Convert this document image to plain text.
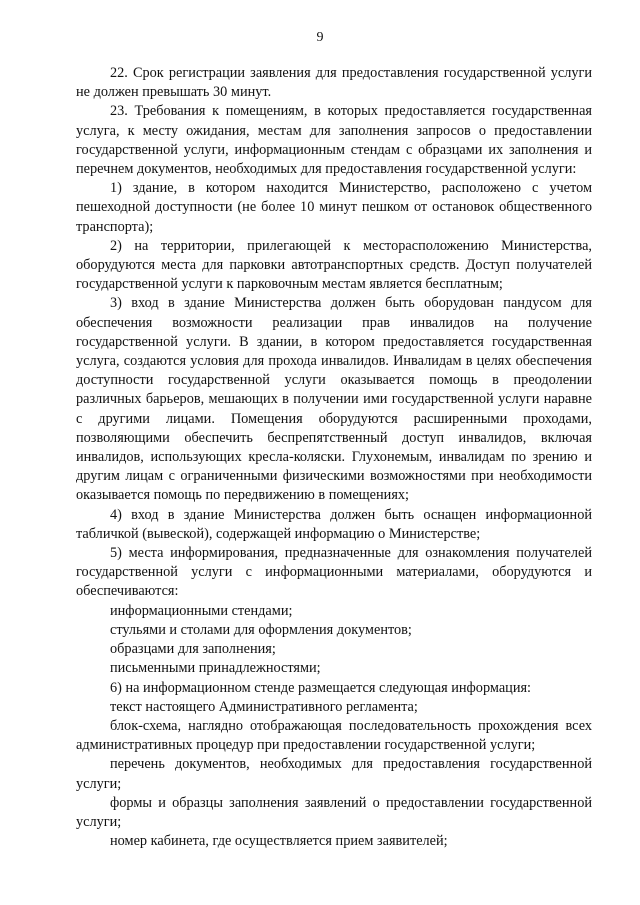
9

22. Срок регистрации заявления для предоставления государственной услуги не должен превышать 30 минут.

23. Требования к помещениям, в которых предоставляется государственная услуга, к месту ожидания, местам для заполнения запросов о предоставлении государственной услуги, информационным стендам с образцами их заполнения и перечнем документов, необходимых для предоставления государственной услуги:

1) здание, в котором находится Министерство, расположено с учетом пешеходной доступности (не более 10 минут пешком от остановок общественного транспорта);

2) на территории, прилегающей к месторасположению Министерства, оборудуются места для парковки автотранспортных средств. Доступ получателей государственной услуги к парковочным местам является бесплатным;

3) вход в здание Министерства должен быть оборудован пандусом для обеспечения возможности реализации прав инвалидов на получение государственной услуги. В здании, в котором предоставляется государственная услуга, создаются условия для прохода инвалидов. Инвалидам в целях обеспечения доступности государственной услуги оказывается помощь в преодолении различных барьеров, мешающих в получении ими государственной услуги наравне с другими лицами. Помещения оборудуются расширенными проходами, позволяющими обеспечить беспрепятственный доступ инвалидов, включая инвалидов, использующих кресла-коляски. Глухонемым, инвалидам по зрению и другим лицам с ограниченными физическими возможностями при необходимости оказывается помощь по передвижению в помещениях;

4) вход в здание Министерства должен быть оснащен информационной табличкой (вывеской), содержащей информацию о Министерстве;

5) места информирования, предназначенные для ознакомления получателей государственной услуги с информационными материалами, оборудуются и обеспечиваются:

информационными стендами;

стульями и столами для оформления документов;

образцами для заполнения;

письменными принадлежностями;

6) на информационном стенде размещается следующая информация:

текст настоящего Административного регламента;

блок-схема, наглядно отображающая последовательность прохождения всех административных процедур при предоставлении государственной услуги;

перечень документов, необходимых для предоставления государственной услуги;

формы и образцы заполнения заявлений о предоставлении государственной услуги;

номер кабинета, где осуществляется прием заявителей;
